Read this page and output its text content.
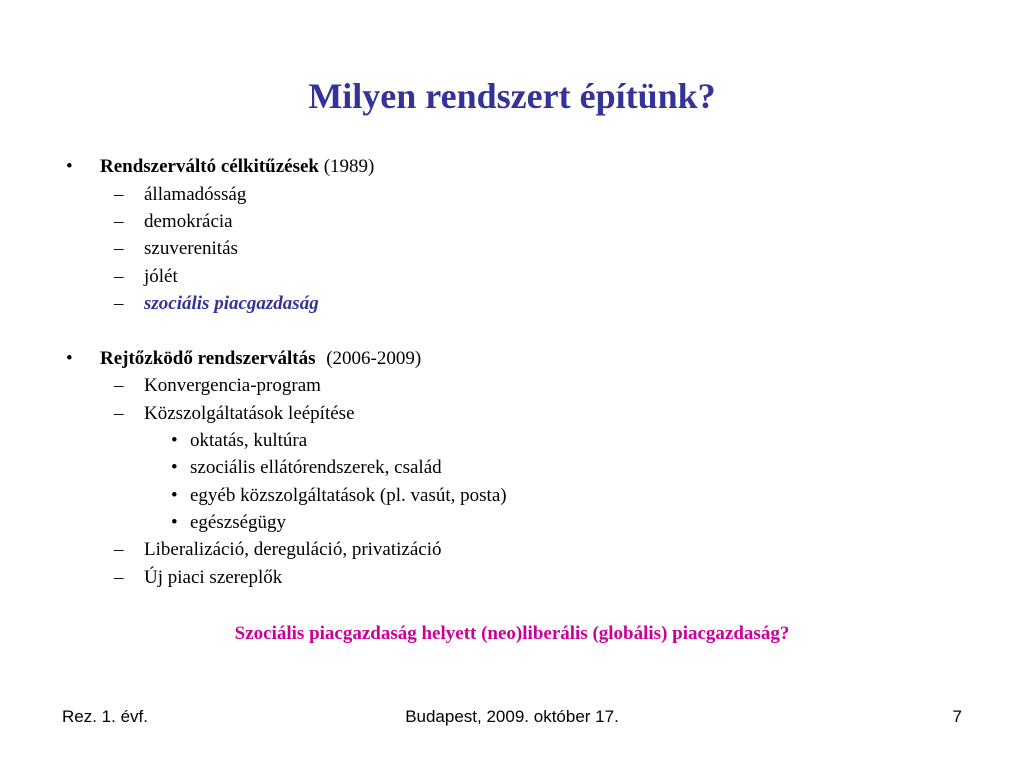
Milyen rendszert építünk?
• Rendszerváltó célkitűzések (1989)
– államadósság
– demokrácia
– szuverenitás
– jólét
– szociális piacgazdaság
• Rejtőzködő rendszerváltás (2006-2009)
– Konvergencia-program
– Közszolgáltatások leépítése
• oktatás, kultúra
• szociális ellátórendszerek, család
• egyéb közszolgáltatások (pl. vasút, posta)
• egészségügy
– Liberalizáció, dereguláció, privatizáció
– Új piaci szereplők
Szociális piacgazdaság helyett (neo)liberális (globális) piacgazdaság?
Rez. 1. évf.	Budapest, 2009. október 17.	7
